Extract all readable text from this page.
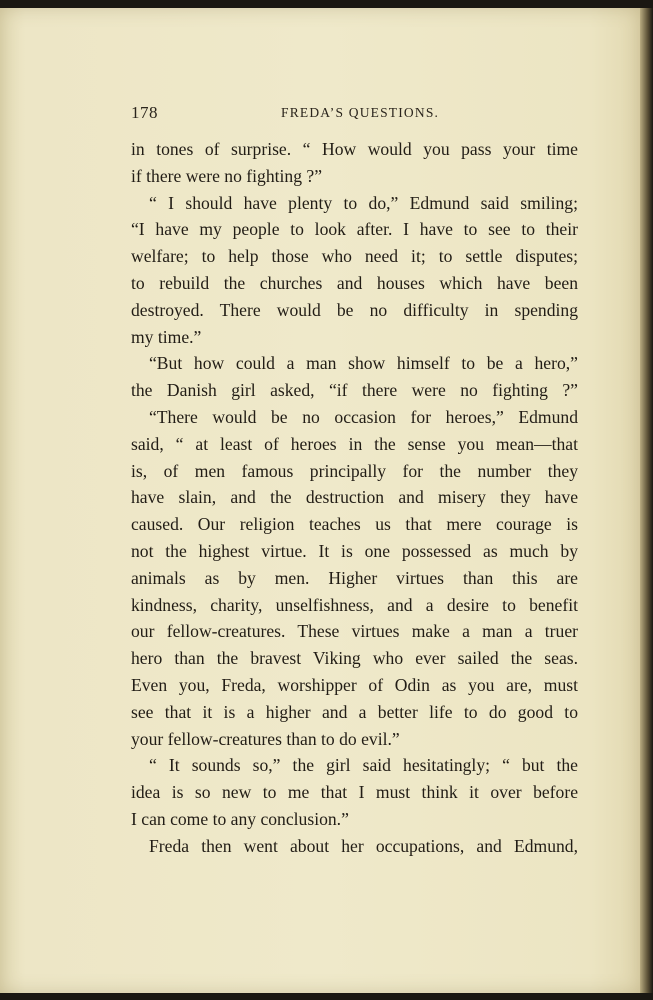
178	FREDA’S QUESTIONS.
in tones of surprise. “ How would you pass your time
if there were no fighting ?”
“ I should have plenty to do,” Edmund said smiling;
“I have my people to look after. I have to see to their
welfare; to help those who need it; to settle disputes;
to rebuild the churches and houses which have been
destroyed. There would be no difficulty in spending
my time.”
“But how could a man show himself to be a hero,”
the Danish girl asked, “if there were no fighting ?”
“There would be no occasion for heroes,” Edmund
said, “ at least of heroes in the sense you mean—that
is, of men famous principally for the number they
have slain, and the destruction and misery they have
caused. Our religion teaches us that mere courage is
not the highest virtue. It is one possessed as much by
animals as by men. Higher virtues than this are
kindness, charity, unselfishness, and a desire to benefit
our fellow-creatures. These virtues make a man a truer
hero than the bravest Viking who ever sailed the seas.
Even you, Freda, worshipper of Odin as you are, must
see that it is a higher and a better life to do good to
your fellow-creatures than to do evil.”
“ It sounds so,” the girl said hesitatingly; “ but the
idea is so new to me that I must think it over before
I can come to any conclusion.”
Freda then went about her occupations, and Edmund,
